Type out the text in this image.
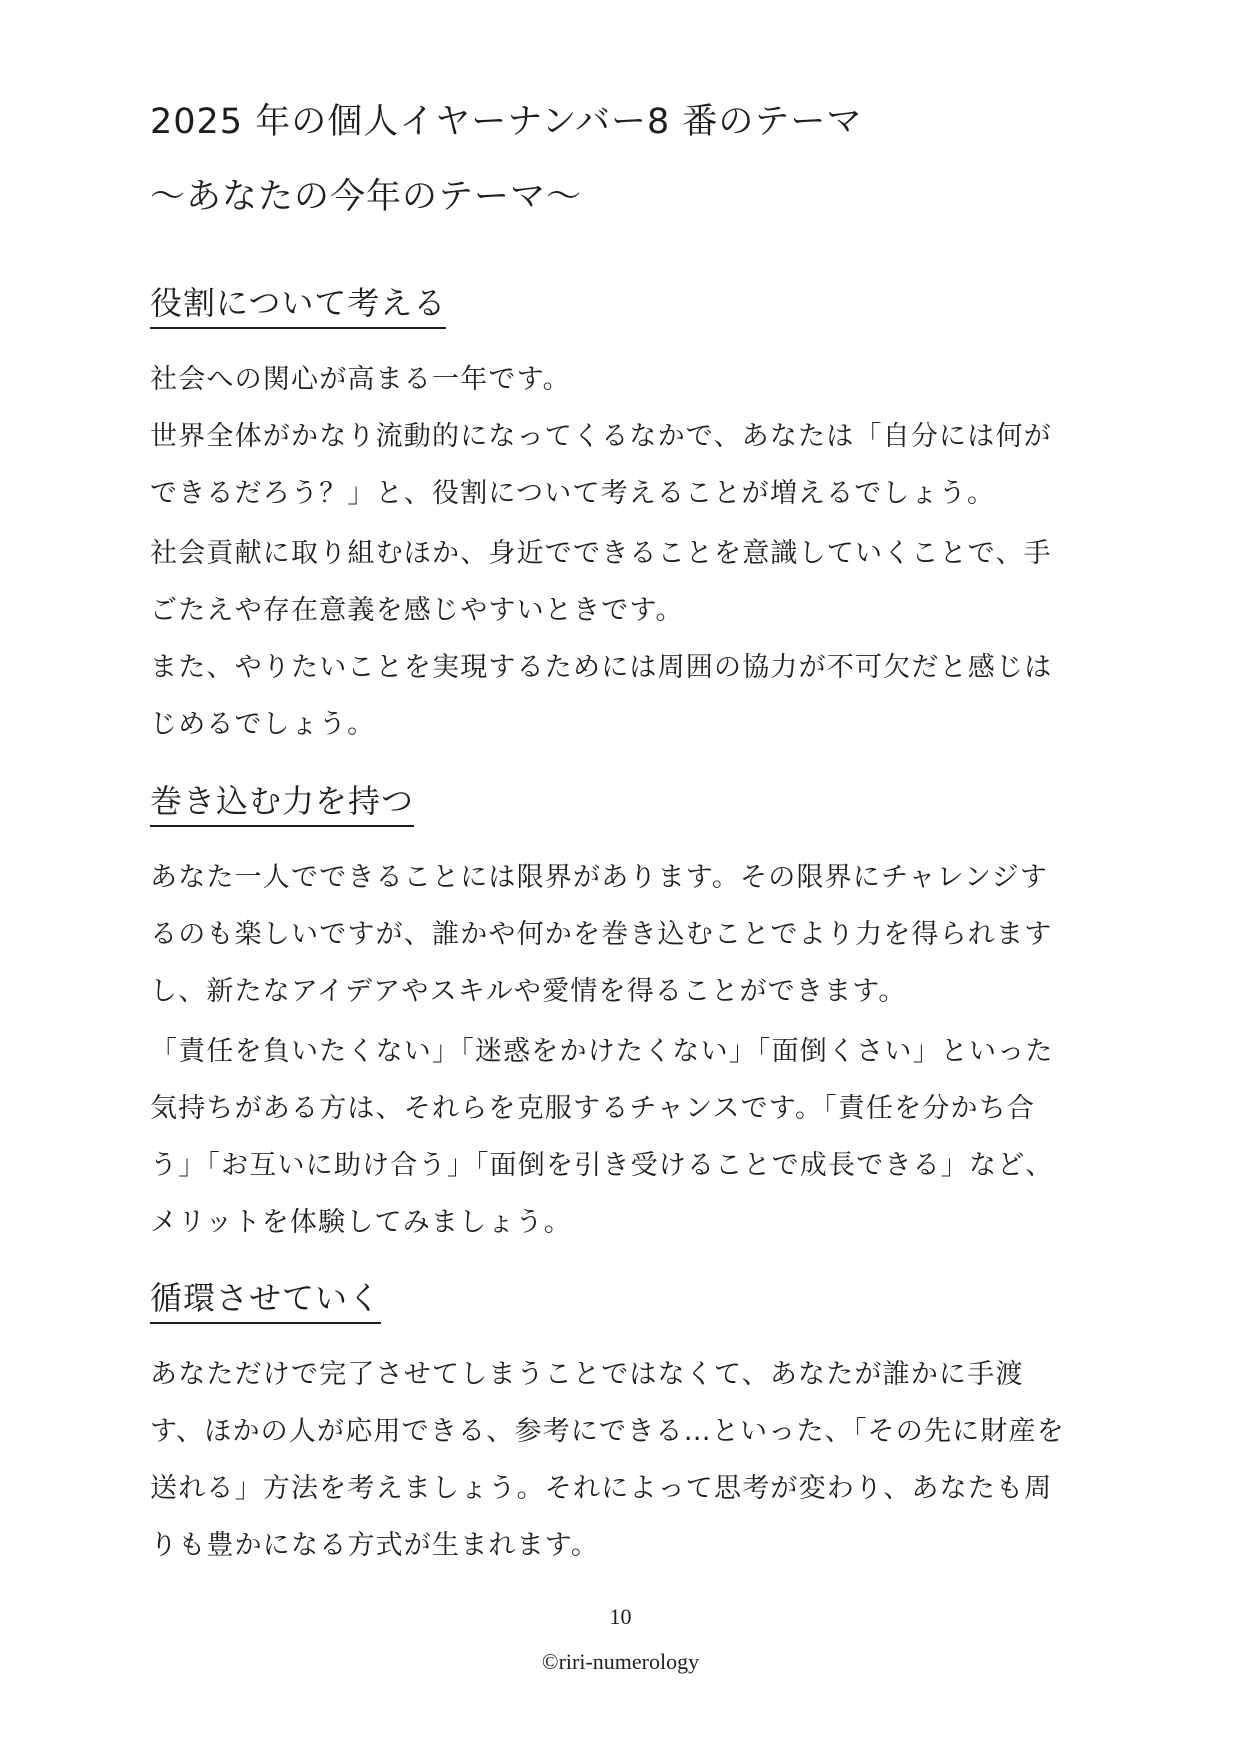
2025 年の個人イヤーナンバー8 番のテーマ
～あなたの今年のテーマ～
役割について考える

社会への関心が高まる一年です。
世界全体がかなり流動的になってくるなかで、あなたは「自分には何が
できるだろう？」と、役割について考えることが増えるでしょう。

社会貢献に取り組むほか、身近でできることを意識していくことで、手
ごたえや存在意義を感じやすいときです。
また、やりたいことを実現するためには周囲の協力が不可欠だと感じは
じめるでしょう。

巻き込む力を持つ

あなた一人でできることには限界があります。その限界にチャレンジす
るのも楽しいですが、誰かや何かを巻き込むことでより力を得られます
し、新たなアイデアやスキルや愛情を得ることができます。

「責任を負いたくない」「迷惑をかけたくない」「面倒くさい」といった
気持ちがある方は、それらを克服するチャンスです。「責任を分かち合
う」「お互いに助け合う」「面倒を引き受けることで成長できる」など、
メリットを体験してみましょう。

循環させていく

あなただけで完了させてしまうことではなくて、あなたが誰かに手渡
す、ほかの人が応用できる、参考にできる…といった、「その先に財産を
送れる」方法を考えましょう。それによって思考が変わり、あなたも周
りも豊かになる方式が生まれます。

10
©riri-numerology
